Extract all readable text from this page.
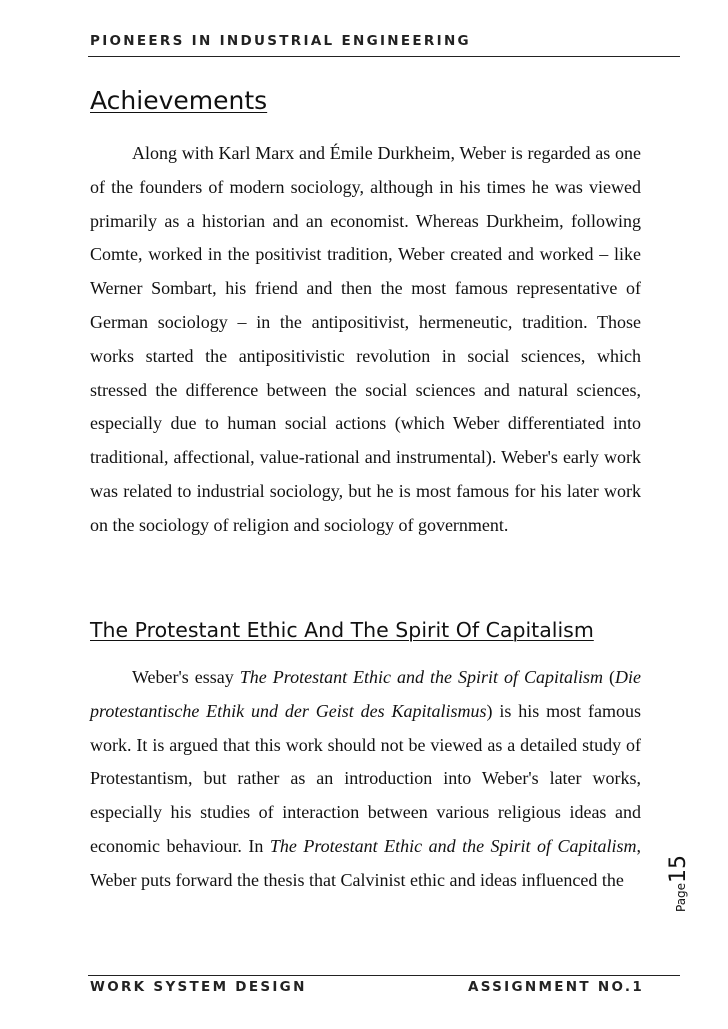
PIONEERS IN INDUSTRIAL ENGINEERING
Achievements
Along with Karl Marx and Émile Durkheim, Weber is regarded as one of the founders of modern sociology, although in his times he was viewed primarily as a historian and an economist. Whereas Durkheim, following Comte, worked in the positivist tradition, Weber created and worked – like Werner Sombart, his friend and then the most famous representative of German sociology – in the antipositivist, hermeneutic, tradition. Those works started the antipositivistic revolution in social sciences, which stressed the difference between the social sciences and natural sciences, especially due to human social actions (which Weber differentiated into traditional, affectional, value-rational and instrumental). Weber's early work was related to industrial sociology, but he is most famous for his later work on the sociology of religion and sociology of government.
The Protestant Ethic And The Spirit Of Capitalism
Weber's essay The Protestant Ethic and the Spirit of Capitalism (Die protestantische Ethik und der Geist des Kapitalismus) is his most famous work. It is argued that this work should not be viewed as a detailed study of Protestantism, but rather as an introduction into Weber's later works, especially his studies of interaction between various religious ideas and economic behaviour. In The Protestant Ethic and the Spirit of Capitalism, Weber puts forward the thesis that Calvinist ethic and ideas influenced the
Page15
WORK SYSTEM DESIGN	ASSIGNMENT NO.1
